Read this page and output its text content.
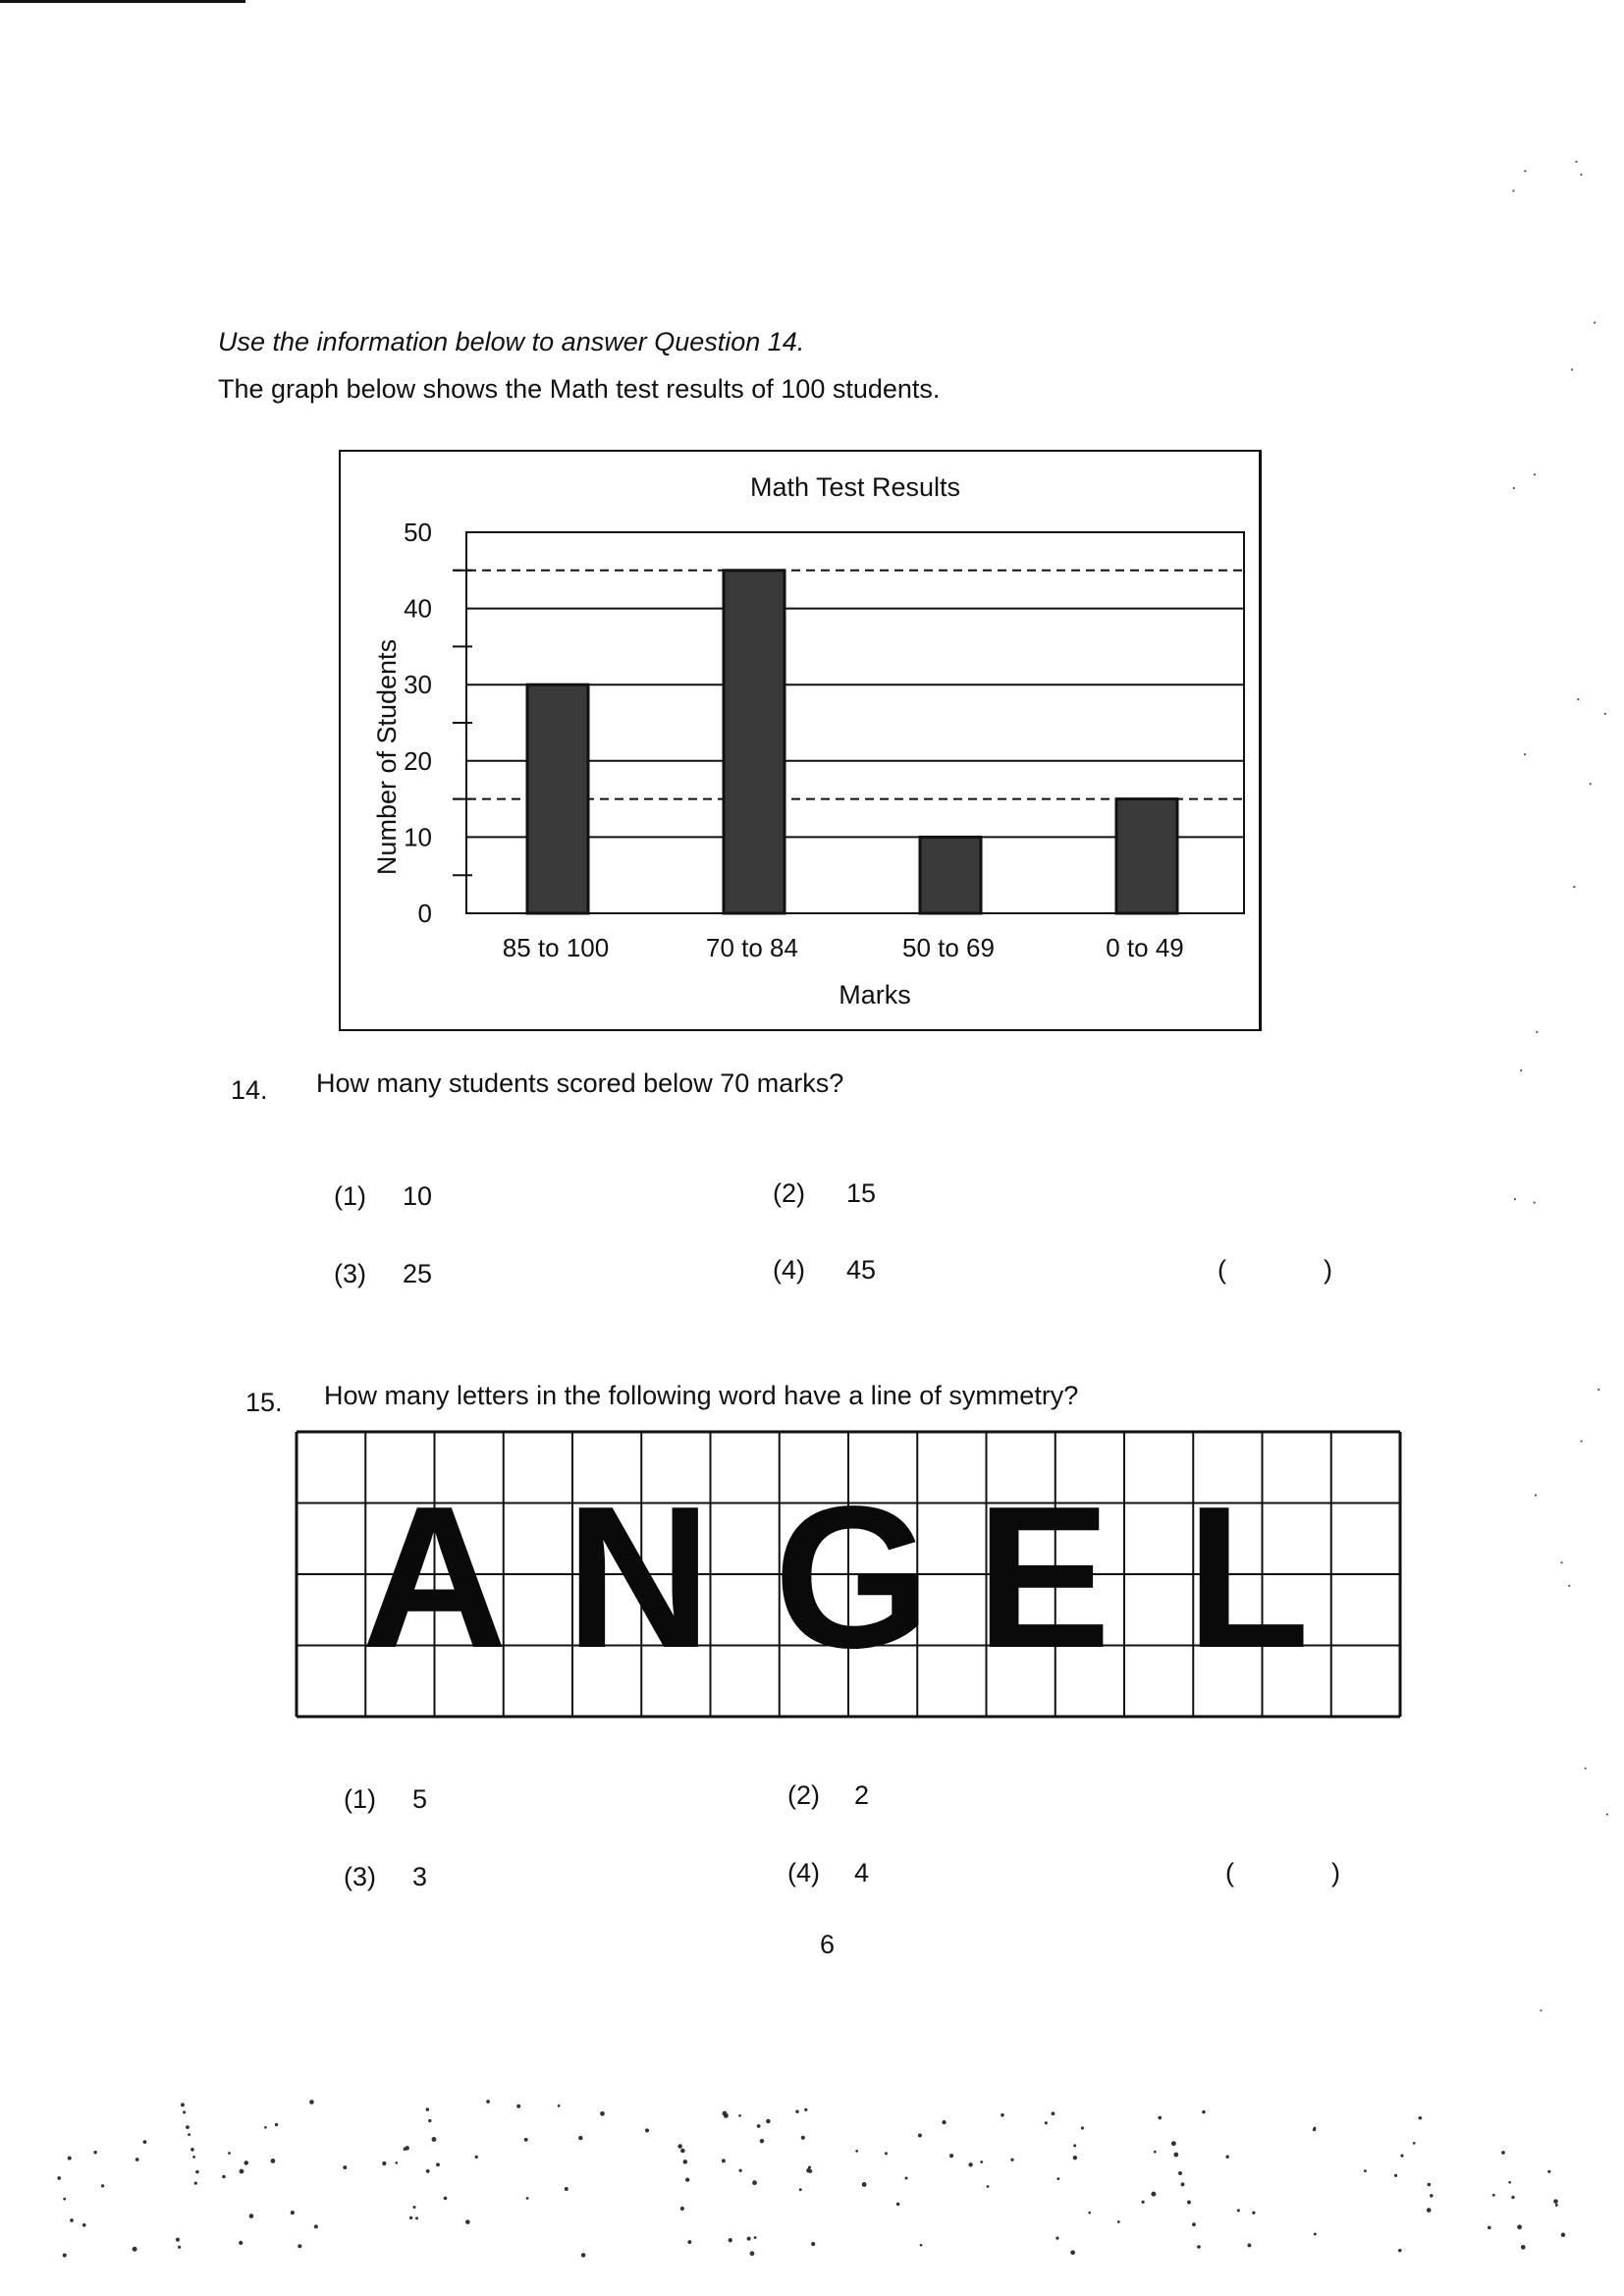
Use the information below to answer Question 14.
The graph below shows the Math test results of 100 students.
Math Test Results
0
10
20
30
40
50
Number of Students
85 to 100	70 to 84	50 to 69	0 to 49
Marks
14. How many students scored below 70 marks?
(1) 10	(2) 15
(3) 25	(4) 45	(	)
15. How many letters in the following word have a line of symmetry?
A N G E L
(1) 5	(2) 2
(3) 3	(4) 4	(	)
6
